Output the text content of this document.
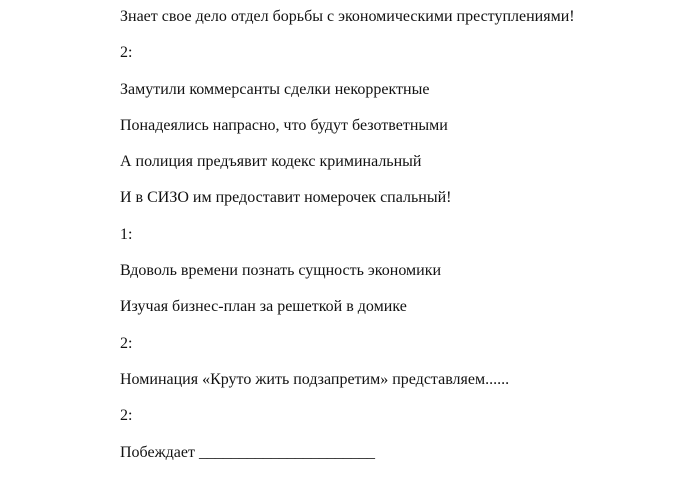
Знает свое дело отдел борьбы с экономическими преступлениями!
2:
Замутили коммерсанты сделки некорректные
Понадеялись напрасно, что будут безответными
А полиция предъявит кодекс криминальный
И в СИЗО им предоставит номерочек спальный!
1:
Вдоволь времени познать сущность экономики
Изучая бизнес-план за решеткой в домике
2:
Номинация «Круто жить подзапретим» представляем......
2:
Побеждает ______________________
